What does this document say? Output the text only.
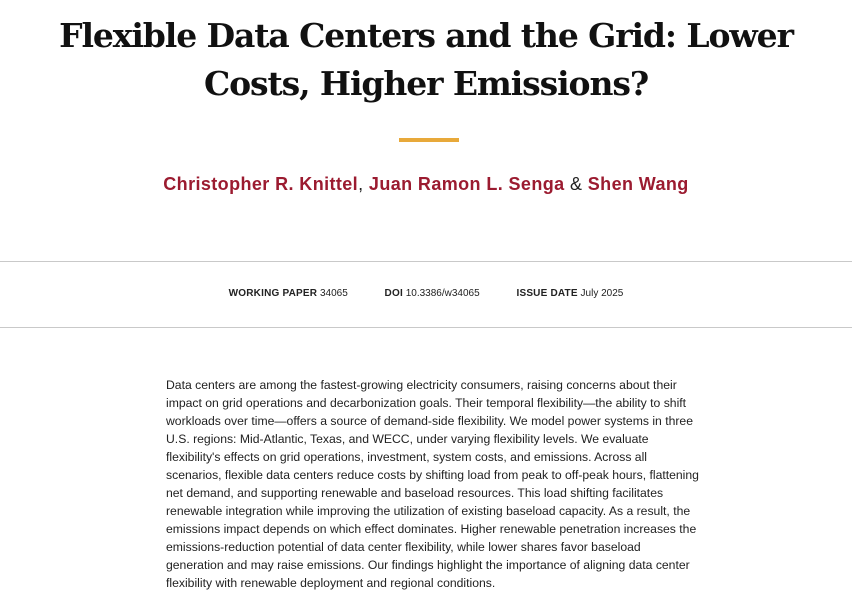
Flexible Data Centers and the Grid: Lower Costs, Higher Emissions?
Christopher R. Knittel, Juan Ramon L. Senga & Shen Wang
WORKING PAPER 34065	DOI 10.3386/w34065	ISSUE DATE July 2025

Data centers are among the fastest-growing electricity consumers, raising concerns about their impact on grid operations and decarbonization goals. Their temporal flexibility—the ability to shift workloads over time—offers a source of demand-side flexibility. We model power systems in three U.S. regions: Mid-Atlantic, Texas, and WECC, under varying flexibility levels. We evaluate flexibility's effects on grid operations, investment, system costs, and emissions. Across all scenarios, flexible data centers reduce costs by shifting load from peak to off-peak hours, flattening net demand, and supporting renewable and baseload resources. This load shifting facilitates renewable integration while improving the utilization of existing baseload capacity. As a result, the emissions impact depends on which effect dominates. Higher renewable penetration increases the emissions-reduction potential of data center flexibility, while lower shares favor baseload generation and may raise emissions. Our findings highlight the importance of aligning data center flexibility with renewable deployment and regional conditions.
